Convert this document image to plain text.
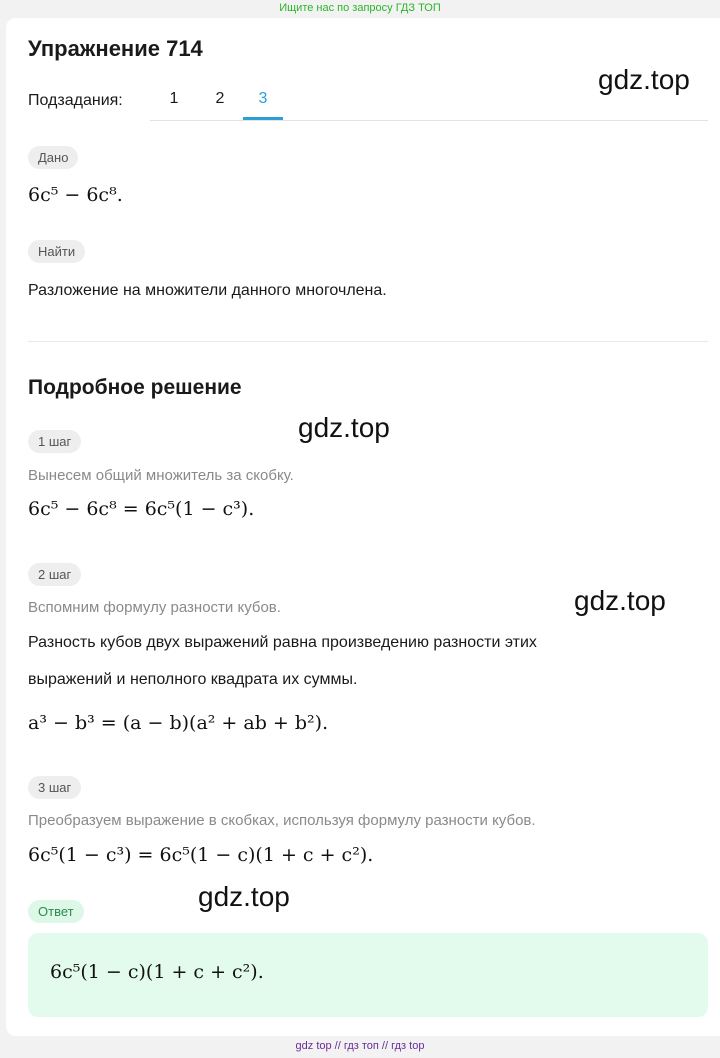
Ищите нас по запросу ГДЗ ТОП
Упражнение 714
gdz.top
Подзадания:	1	2	3
Дано
6c⁵ − 6c⁸.
Найти
Разложение на множители данного многочлена.
Подробное решение
gdz.top
1 шаг
Вынесем общий множитель за скобку.
6c⁵ − 6c⁸ = 6c⁵(1 − c³).
2 шаг
Вспомним формулу разности кубов.	gdz.top
Разность кубов двух выражений равна произведению разности этих
выражений и неполного квадрата их суммы.
a³ − b³ = (a − b)(a² + ab + b²).
3 шаг
Преобразуем выражение в скобках, используя формулу разности кубов.
6c⁵(1 − c³) = 6c⁵(1 − c)(1 + c + c²).
gdz.top
Ответ
6c⁵(1 − c)(1 + c + c²).
gdz top // гдз топ // гдз top
